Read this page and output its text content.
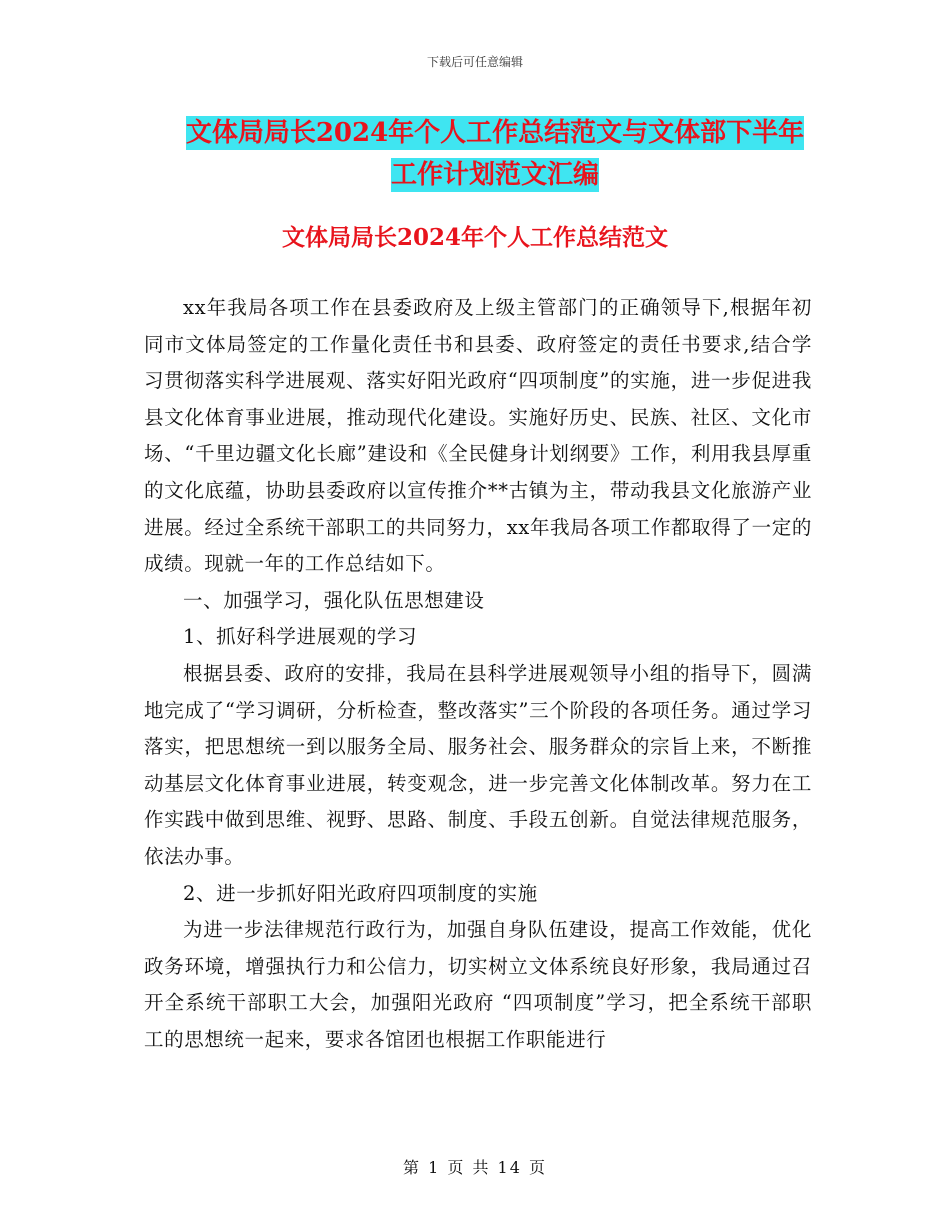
下载后可任意编辑
文体局局长2024年个人工作总结范文与文体部下半年
工作计划范文汇编
文体局局长2024年个人工作总结范文

xx年我局各项工作在县委政府及上级主管部门的正确领导下,根据年初同市文体局签定的工作量化责任书和县委、政府签定的责任书要求,结合学习贯彻落实科学进展观、落实好阳光政府“四项制度”的实施，进一步促进我县文化体育事业进展，推动现代化建设。实施好历史、民族、社区、文化市场、“千里边疆文化长廊”建设和《全民健身计划纲要》工作，利用我县厚重的文化底蕴，协助县委政府以宣传推介**古镇为主，带动我县文化旅游产业进展。经过全系统干部职工的共同努力，xx年我局各项工作都取得了一定的成绩。现就一年的工作总结如下。

一、加强学习，强化队伍思想建设

1、抓好科学进展观的学习

根据县委、政府的安排，我局在县科学进展观领导小组的指导下，圆满地完成了“学习调研，分析检查，整改落实”三个阶段的各项任务。通过学习落实，把思想统一到以服务全局、服务社会、服务群众的宗旨上来，不断推动基层文化体育事业进展，转变观念，进一步完善文化体制改革。努力在工作实践中做到思维、视野、思路、制度、手段五创新。自觉法律规范服务，依法办事。

2、进一步抓好阳光政府四项制度的实施

为进一步法律规范行政行为，加强自身队伍建设，提高工作效能，优化政务环境，增强执行力和公信力，切实树立文体系统良好形象，我局通过召开全系统干部职工大会，加强阳光政府 “四项制度”学习，把全系统干部职工的思想统一起来，要求各馆团也根据工作职能进行

第 1 页 共 14 页
